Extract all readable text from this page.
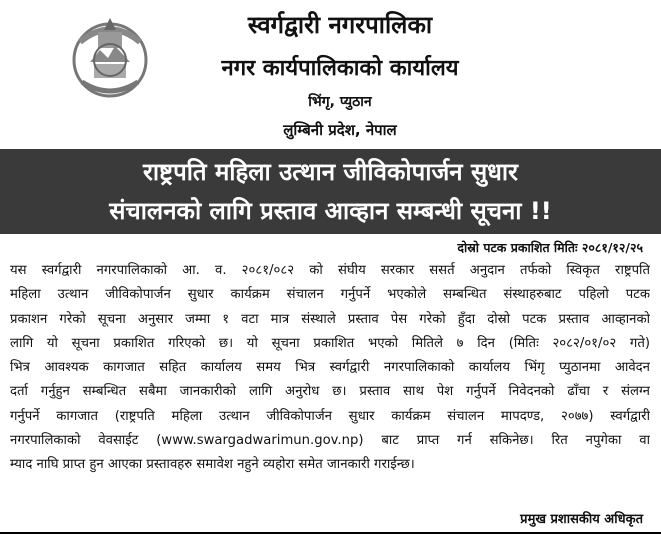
स्वर्गद्वारी नगरपालिका
नगर कार्यपालिकाको कार्यालय
भिंगृ, प्युठान
लुम्बिनी प्रदेश, नेपाल
राष्ट्रपति महिला उत्थान जीविकोपार्जन सुधार
संचालनको लागि प्रस्ताव आव्हान सम्बन्धी सूचना !!
दोस्रो पटक प्रकाशित मितिः २०८१/१२/२५
यस स्वर्गद्वारी नगरपालिकाको आ. व. २०८१/०८२ को संघीय सरकार ससर्त अनुदान तर्फको स्विकृत राष्ट्रपति
महिला उत्थान जीविकोपार्जन सुधार कार्यक्रम संचालन गर्नुपर्ने भएकोले सम्बन्धित संस्थाहरुबाट पहिलो पटक
प्रकाशन गरेको सूचना अनुसार जम्मा १ वटा मात्र संस्थाले प्रस्ताव पेस गरेको हुँदा दोस्रो पटक प्रस्ताव आव्हानको
लागि यो सूचना प्रकाशित गरिएको छ। यो सूचना प्रकाशित भएको मितिले ७ दिन (मितिः २०८२/०१/०२ गते)
भित्र आवश्यक कागजात सहित कार्यालय समय भित्र स्वर्गद्वारी नगरपालिकाको कार्यालय भिंगृ प्युठानमा आवेदन
दर्ता गर्नुहुन सम्बन्धित सबैमा जानकारीको लागि अनुरोध छ। प्रस्ताव साथ पेश गर्नुपर्ने निवेदनको ढाँचा र संलग्न
गर्नुपर्ने कागजात (राष्ट्रपति महिला उत्थान जीविकोपार्जन सुधार कार्यक्रम संचालन मापदण्ड, २०७७) स्वर्गद्वारी
नगरपालिकाको वेवसाईट (www.swargadwarimun.gov.np) बाट प्राप्त गर्न सकिनेछ। रित नपुगेका वा
म्याद नाघि प्राप्त हुन आएका प्रस्तावहरु समावेश नहुने व्यहोरा समेत जानकारी गराईन्छ।
प्रमुख प्रशासकीय अधिकृत
